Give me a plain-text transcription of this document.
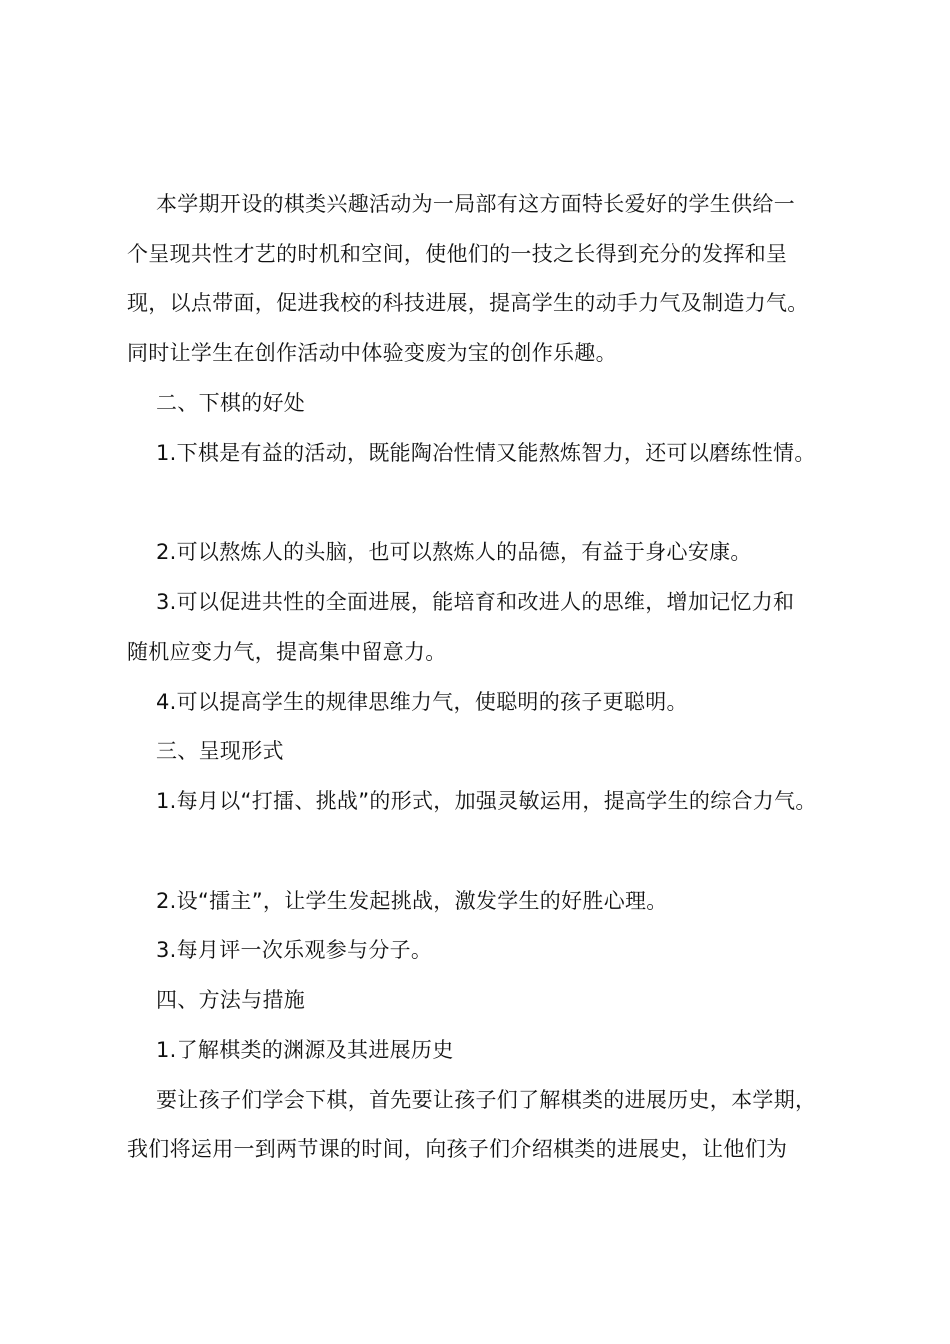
本学期开设的棋类兴趣活动为一局部有这方面特长爱好的学生供给一
个呈现共性才艺的时机和空间，使他们的一技之长得到充分的发挥和呈
现，以点带面，促进我校的科技进展，提高学生的动手力气及制造力气。
同时让学生在创作活动中体验变废为宝的创作乐趣。
二、下棋的好处
1.下棋是有益的活动，既能陶冶性情又能熬炼智力，还可以磨练性情。
2.可以熬炼人的头脑，也可以熬炼人的品德，有益于身心安康。
3.可以促进共性的全面进展，能培育和改进人的思维，增加记忆力和
随机应变力气，提高集中留意力。
4.可以提高学生的规律思维力气，使聪明的孩子更聪明。
三、呈现形式
1.每月以“打擂、挑战”的形式，加强灵敏运用，提高学生的综合力气。
2.设“擂主”，让学生发起挑战，激发学生的好胜心理。
3.每月评一次乐观参与分子。
四、方法与措施
1.了解棋类的渊源及其进展历史
要让孩子们学会下棋，首先要让孩子们了解棋类的进展历史，本学期，
我们将运用一到两节课的时间，向孩子们介绍棋类的进展史，让他们为
